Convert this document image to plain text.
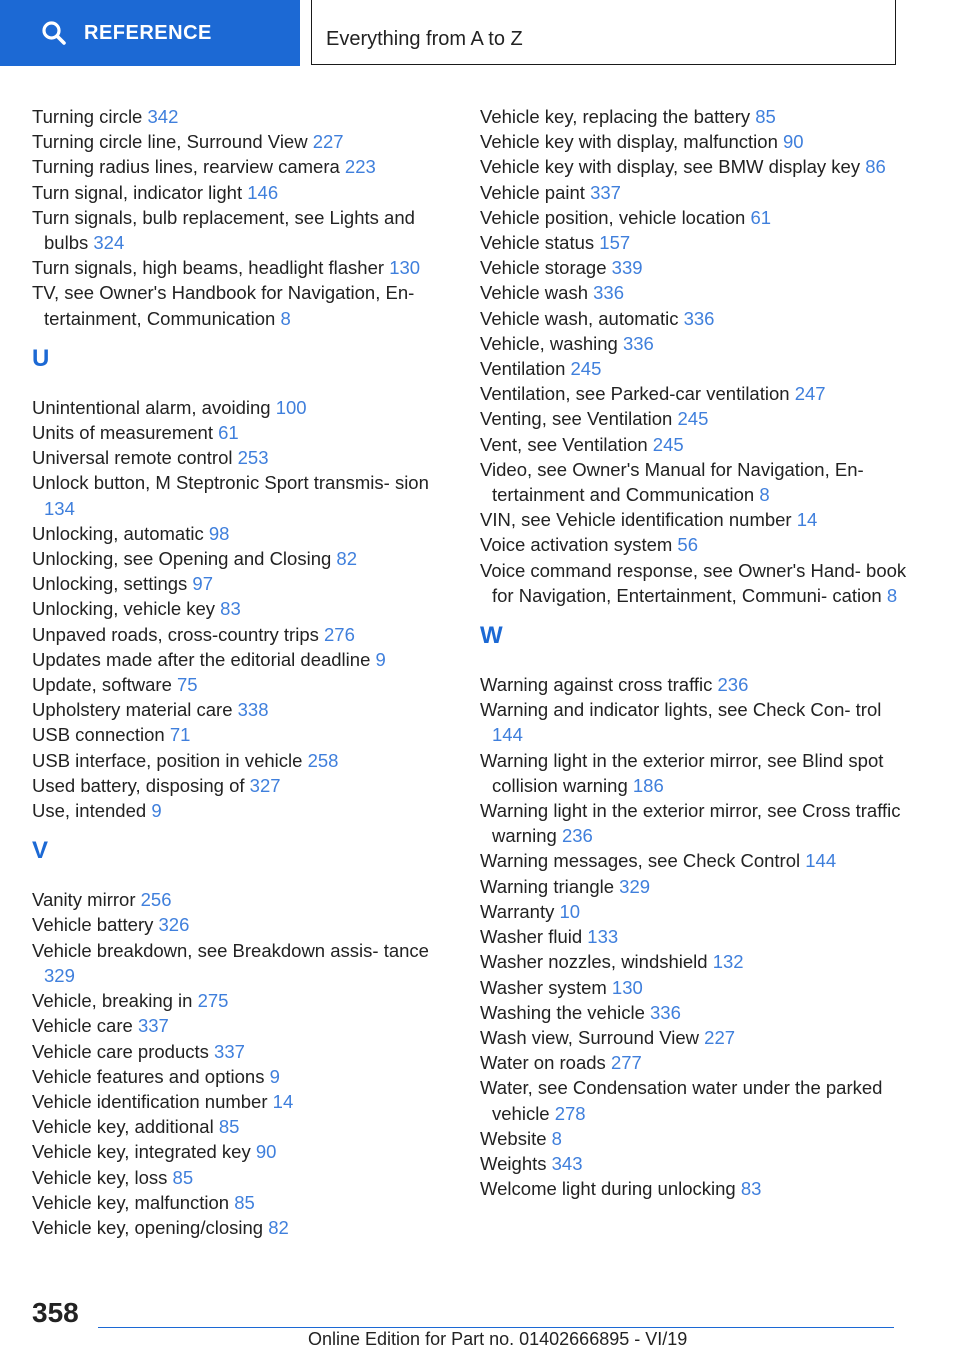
REFERENCE	Everything from A to Z
Turning circle 342
Turning circle line, Surround View 227
Turning radius lines, rearview camera 223
Turn signal, indicator light 146
Turn signals, bulb replacement, see Lights and bulbs 324
Turn signals, high beams, headlight flasher 130
TV, see Owner's Handbook for Navigation, En- tertainment, Communication 8
U
Unintentional alarm, avoiding 100
Units of measurement 61
Universal remote control 253
Unlock button, M Steptronic Sport transmis- sion 134
Unlocking, automatic 98
Unlocking, see Opening and Closing 82
Unlocking, settings 97
Unlocking, vehicle key 83
Unpaved roads, cross-country trips 276
Updates made after the editorial deadline 9
Update, software 75
Upholstery material care 338
USB connection 71
USB interface, position in vehicle 258
Used battery, disposing of 327
Use, intended 9
V
Vanity mirror 256
Vehicle battery 326
Vehicle breakdown, see Breakdown assis- tance 329
Vehicle, breaking in 275
Vehicle care 337
Vehicle care products 337
Vehicle features and options 9
Vehicle identification number 14
Vehicle key, additional 85
Vehicle key, integrated key 90
Vehicle key, loss 85
Vehicle key, malfunction 85
Vehicle key, opening/closing 82
Vehicle key, replacing the battery 85
Vehicle key with display, malfunction 90
Vehicle key with display, see BMW display key 86
Vehicle paint 337
Vehicle position, vehicle location 61
Vehicle status 157
Vehicle storage 339
Vehicle wash 336
Vehicle wash, automatic 336
Vehicle, washing 336
Ventilation 245
Ventilation, see Parked-car ventilation 247
Venting, see Ventilation 245
Vent, see Ventilation 245
Video, see Owner's Manual for Navigation, En- tertainment and Communication 8
VIN, see Vehicle identification number 14
Voice activation system 56
Voice command response, see Owner's Hand- book for Navigation, Entertainment, Communi- cation 8
W
Warning against cross traffic 236
Warning and indicator lights, see Check Con- trol 144
Warning light in the exterior mirror, see Blind spot collision warning 186
Warning light in the exterior mirror, see Cross traffic warning 236
Warning messages, see Check Control 144
Warning triangle 329
Warranty 10
Washer fluid 133
Washer nozzles, windshield 132
Washer system 130
Washing the vehicle 336
Wash view, Surround View 227
Water on roads 277
Water, see Condensation water under the parked vehicle 278
Website 8
Weights 343
Welcome light during unlocking 83
358
Online Edition for Part no. 01402666895 - VI/19
